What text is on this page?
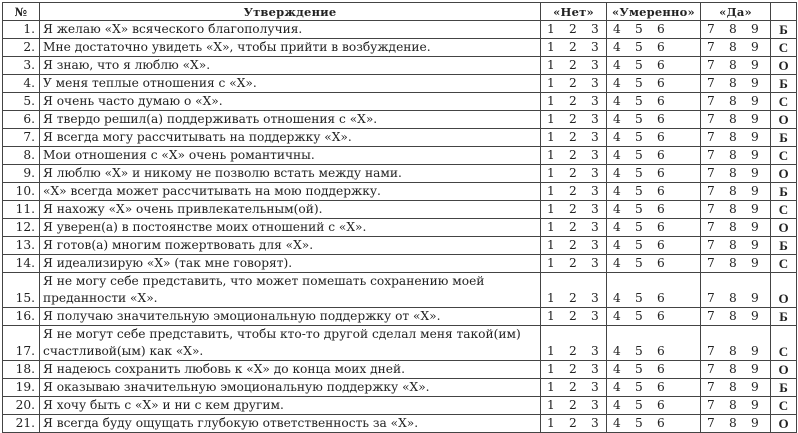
№	Утверждение	«Нет»	«Умеренно»	«Да»	
1.	Я желаю «Х» всяческого благополучия.	1 2 3	4 5 6	7 8 9	Б
2.	Мне достаточно увидеть «Х», чтобы прийти в возбуждение.	1 2 3	4 5 6	7 8 9	С
3.	Я знаю, что я люблю «Х».	1 2 3	4 5 6	7 8 9	О
4.	У меня теплые отношения с «Х».	1 2 3	4 5 6	7 8 9	Б
5.	Я очень часто думаю о «Х».	1 2 3	4 5 6	7 8 9	С
6.	Я твердо решил(а) поддерживать отношения с «Х».	1 2 3	4 5 6	7 8 9	О
7.	Я всегда могу рассчитывать на поддержку «Х».	1 2 3	4 5 6	7 8 9	Б
8.	Мои отношения с «Х» очень романтичны.	1 2 3	4 5 6	7 8 9	С
9.	Я люблю «Х» и никому не позволю встать между нами.	1 2 3	4 5 6	7 8 9	О
10.	«Х» всегда может рассчитывать на мою поддержку.	1 2 3	4 5 6	7 8 9	Б
11.	Я нахожу «Х» очень привлекательным(ой).	1 2 3	4 5 6	7 8 9	С
12.	Я уверен(а) в постоянстве моих отношений с «Х».	1 2 3	4 5 6	7 8 9	О
13.	Я готов(а) многим пожертвовать для «Х».	1 2 3	4 5 6	7 8 9	Б
14.	Я идеализирую «Х» (так мне говорят).	1 2 3	4 5 6	7 8 9	С
15.	Я не могу себе представить, что может помешать сохранению моей преданности «Х».	1 2 3	4 5 6	7 8 9	О
16.	Я получаю значительную эмоциональную поддержку от «Х».	1 2 3	4 5 6	7 8 9	Б
17.	Я не могут себе представить, чтобы кто-то другой сделал меня такой(им) счастливой(ым) как «Х».	1 2 3	4 5 6	7 8 9	С
18.	Я надеюсь сохранить любовь к «Х» до конца моих дней.	1 2 3	4 5 6	7 8 9	О
19.	Я оказываю значительную эмоциональную поддержку «Х».	1 2 3	4 5 6	7 8 9	Б
20.	Я хочу быть с «Х» и ни с кем другим.	1 2 3	4 5 6	7 8 9	С
21.	Я всегда буду ощущать глубокую ответственность за «Х».	1 2 3	4 5 6	7 8 9	О
